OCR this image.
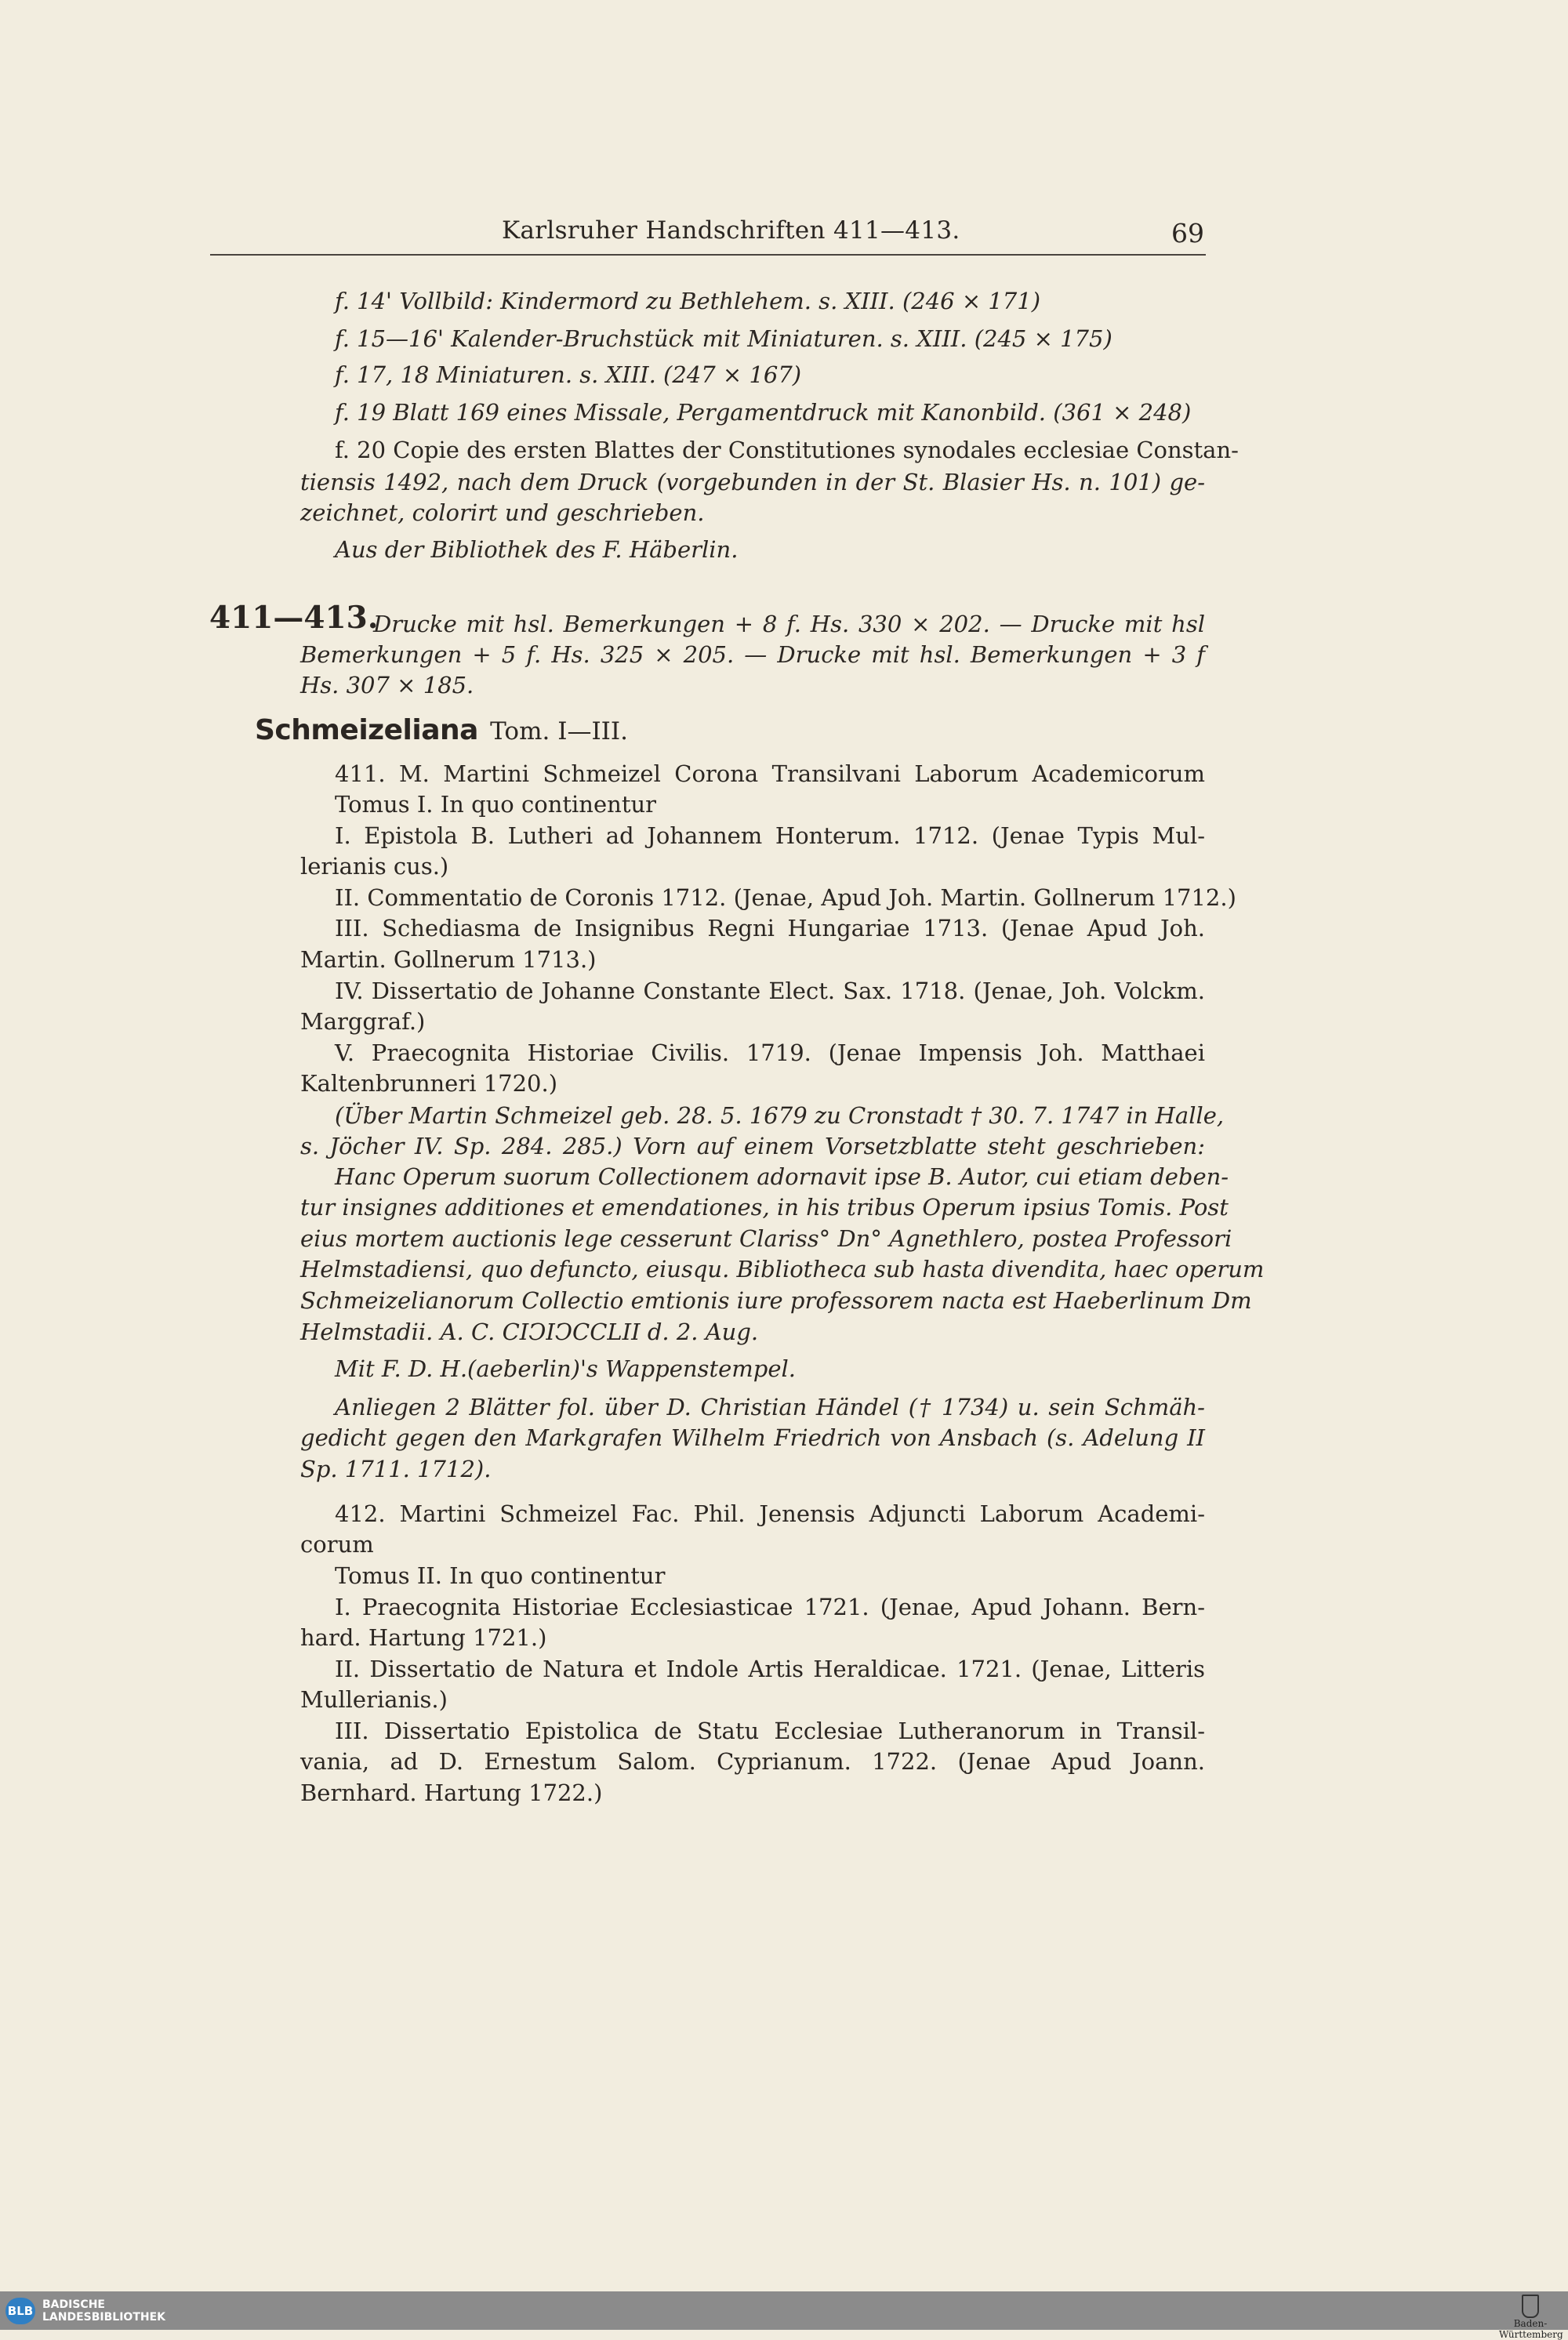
Karlsruher Handschriften 411—413.	69
f. 14' Vollbild: Kindermord zu Bethlehem. s. XIII. (246 × 171)
f. 15—16' Kalender-Bruchstück mit Miniaturen. s. XIII. (245 × 175)
f. 17, 18 Miniaturen. s. XIII. (247 × 167)
f. 19 Blatt 169 eines Missale, Pergamentdruck mit Kanonbild. (361 × 248)
f. 20 Copie des ersten Blattes der Constitutiones synodales ecclesiae Constan-
tiensis 1492, nach dem Druck (vorgebunden in der St. Blasier Hs. n. 101) ge-
zeichnet, colorirt und geschrieben.
Aus der Bibliothek des F. Häberlin.
411—413.
Drucke mit hsl. Bemerkungen + 8 f. Hs. 330 × 202. — Drucke mit hsl
Bemerkungen + 5 f. Hs. 325 × 205. — Drucke mit hsl. Bemerkungen + 3 f
Hs. 307 × 185.
Schmeizeliana Tom. I—III.
411. M. Martini Schmeizel Corona Transilvani Laborum Academicorum
Tomus I. In quo continentur
I. Epistola B. Lutheri ad Johannem Honterum. 1712. (Jenae Typis Mul-
lerianis cus.)
II. Commentatio de Coronis 1712. (Jenae, Apud Joh. Martin. Gollnerum 1712.)
III. Schediasma de Insignibus Regni Hungariae 1713. (Jenae Apud Joh.
Martin. Gollnerum 1713.)
IV. Dissertatio de Johanne Constante Elect. Sax. 1718. (Jenae, Joh. Volckm.
Marggraf.)
V. Praecognita Historiae Civilis. 1719. (Jenae Impensis Joh. Matthaei
Kaltenbrunneri 1720.)
(Über Martin Schmeizel geb. 28. 5. 1679 zu Cronstadt † 30. 7. 1747 in Halle,
s. Jöcher IV. Sp. 284. 285.) Vorn auf einem Vorsetzblatte steht geschrieben:
Hanc Operum suorum Collectionem adornavit ipse B. Autor, cui etiam deben-
tur insignes additiones et emendationes, in his tribus Operum ipsius Tomis. Post
eius mortem auctionis lege cesserunt Clariss° Dn° Agnethlero, postea Professori
Helmstadiensi, quo defuncto, eiusqu. Bibliotheca sub hasta divendita, haec operum
Schmeizelianorum Collectio emtionis iure professorem nacta est Haeberlinum Dm
Helmstadii. A. C. CIↃIↃCCLII d. 2. Aug.
Mit F. D. H.(aeberlin)'s Wappenstempel.
Anliegen 2 Blätter fol. über D. Christian Händel († 1734) u. sein Schmäh-
gedicht gegen den Markgrafen Wilhelm Friedrich von Ansbach (s. Adelung II
Sp. 1711. 1712).
412. Martini Schmeizel Fac. Phil. Jenensis Adjuncti Laborum Academi-
corum
Tomus II. In quo continentur
I. Praecognita Historiae Ecclesiasticae 1721. (Jenae, Apud Johann. Bern-
hard. Hartung 1721.)
II. Dissertatio de Natura et Indole Artis Heraldicae. 1721. (Jenae, Litteris
Mullerianis.)
III. Dissertatio Epistolica de Statu Ecclesiae Lutheranorum in Transil-
vania, ad D. Ernestum Salom. Cyprianum. 1722. (Jenae Apud Joann.
Bernhard. Hartung 1722.)
BLB BADISCHE
LANDESBIBLIOTHEK	Baden-Württemberg
